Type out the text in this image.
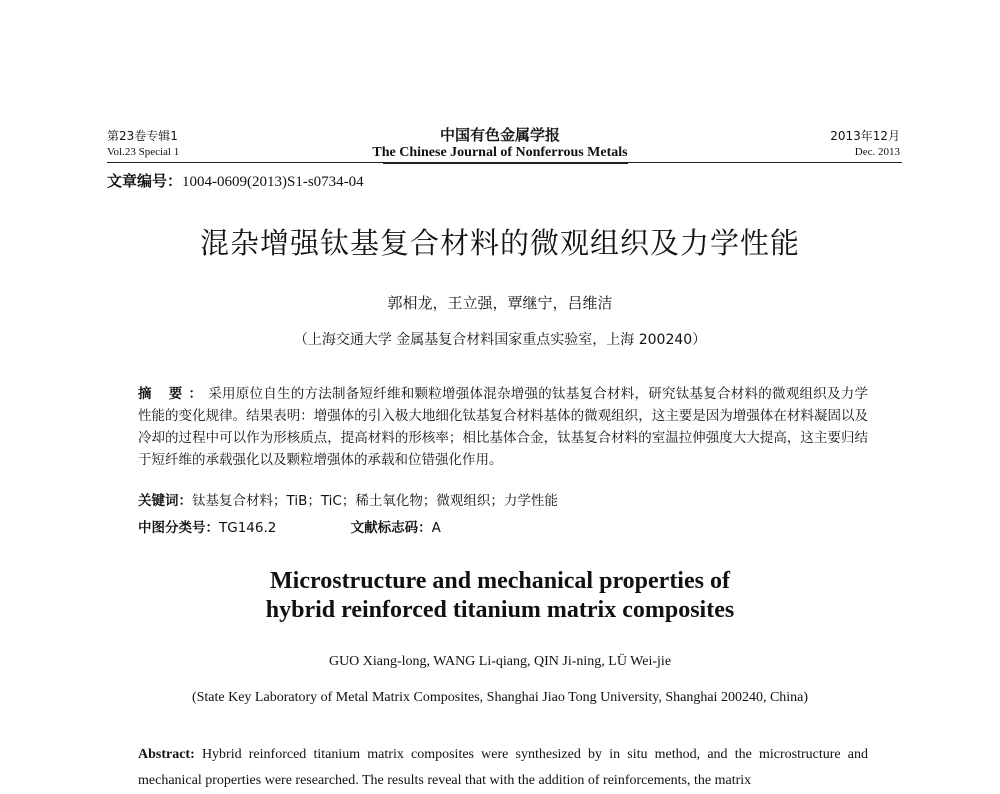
第23卷专辑1
Vol.23 Special 1
中国有色金属学报
The Chinese Journal of Nonferrous Metals
2013年12月
Dec. 2013
文章编号：1004-0609(2013)S1-s0734-04
混杂增强钛基复合材料的微观组织及力学性能
郭相龙，王立强，覃继宁，吕维洁
（上海交通大学 金属基复合材料国家重点实验室，上海 200240）
摘 要：采用原位自生的方法制备短纤维和颗粒增强体混杂增强的钛基复合材料，研究钛基复合材料的微观组织及力学性能的变化规律。结果表明：增强体的引入极大地细化钛基复合材料基体的微观组织，这主要是因为增强体在材料凝固以及冷却的过程中可以作为形核质点，提高材料的形核率；相比基体合金，钛基复合材料的室温拉伸强度大大提高，这主要归结于短纤维的承载强化以及颗粒增强体的承载和位错强化作用。
关键词：钛基复合材料；TiB；TiC；稀土氧化物；微观组织；力学性能
中图分类号：TG146.2	文献标志码：A
Microstructure and mechanical properties of
hybrid reinforced titanium matrix composites
GUO Xiang-long, WANG Li-qiang, QIN Ji-ning, LÜ Wei-jie
(State Key Laboratory of Metal Matrix Composites, Shanghai Jiao Tong University, Shanghai 200240, China)
Abstract: Hybrid reinforced titanium matrix composites were synthesized by in situ method, and the microstructure and mechanical properties were researched. The results reveal that with the addition of reinforcements, the matrix
